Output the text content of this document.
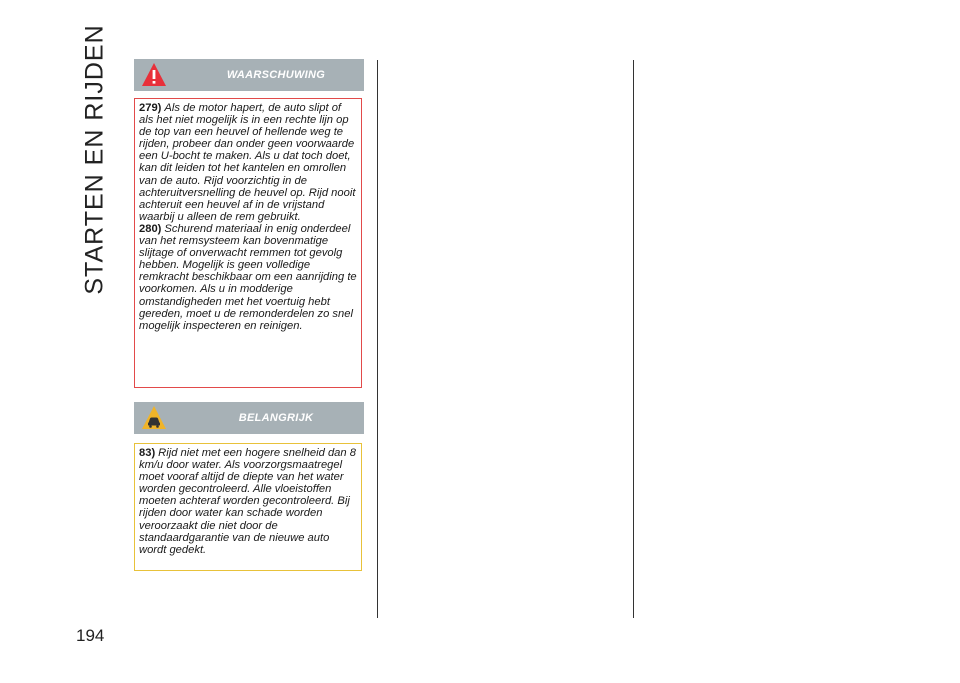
STARTEN EN RIJDEN	WAARSCHUWING

279) Als de motor hapert, de auto slipt of als het niet mogelijk is in een rechte lijn op de top van een heuvel of hellende weg te rijden, probeer dan onder geen voorwaarde een U-bocht te maken. Als u dat toch doet, kan dit leiden tot het kantelen en omrollen van de auto. Rijd voorzichtig in de achteruitversnelling de heuvel op. Rijd nooit achteruit een heuvel af in de vrijstand waarbij u alleen de rem gebruikt.

280) Schurend materiaal in enig onderdeel van het remsysteem kan bovenmatige slijtage of onverwacht remmen tot gevolg hebben. Mogelijk is geen volledige remkracht beschikbaar om een aanrijding te voorkomen. Als u in modderige omstandigheden met het voertuig hebt gereden, moet u de remonderdelen zo snel mogelijk inspecteren en reinigen.

BELANGRIJK

83) Rijd niet met een hogere snelheid dan 8 km/u door water. Als voorzorgsmaatregel moet vooraf altijd de diepte van het water worden gecontroleerd. Alle vloeistoffen moeten achteraf worden gecontroleerd. Bij rijden door water kan schade worden veroorzaakt die niet door de standaardgarantie van de nieuwe auto wordt gedekt.

194
